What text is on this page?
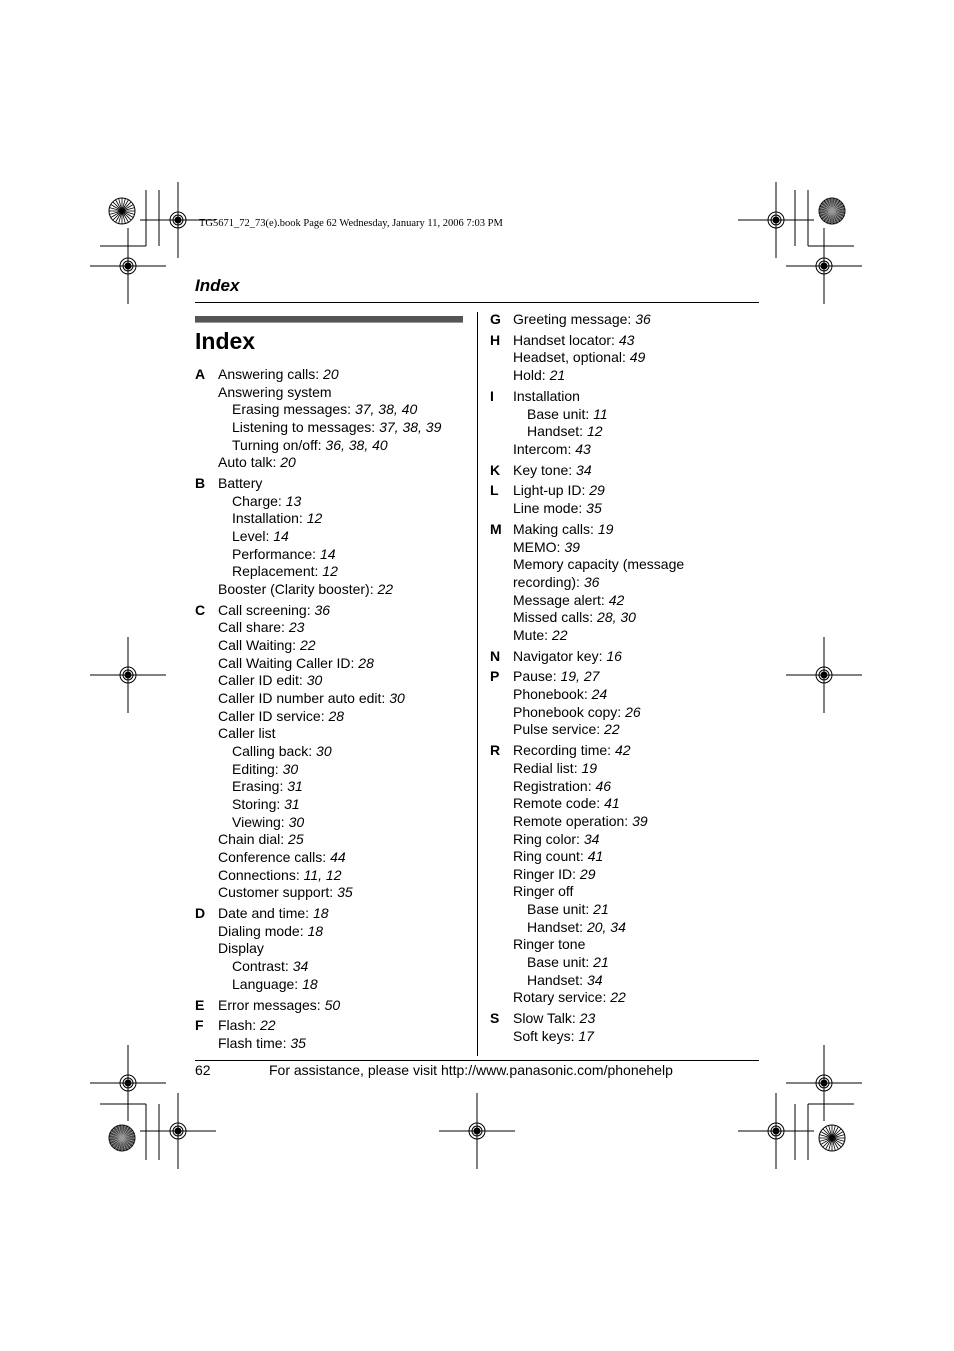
TG5671_72_73(e).book Page 62 Wednesday, January 11, 2006 7:03 PM
Index
Index
A Answering calls: 20
Answering system
Erasing messages: 37, 38, 40
Listening to messages: 37, 38, 39
Turning on/off: 36, 38, 40
Auto talk: 20
B Battery
Charge: 13
Installation: 12
Level: 14
Performance: 14
Replacement: 12
Booster (Clarity booster): 22
C Call screening: 36
Call share: 23
Call Waiting: 22
Call Waiting Caller ID: 28
Caller ID edit: 30
Caller ID number auto edit: 30
Caller ID service: 28
Caller list
Calling back: 30
Editing: 30
Erasing: 31
Storing: 31
Viewing: 30
Chain dial: 25
Conference calls: 44
Connections: 11, 12
Customer support: 35
D Date and time: 18
Dialing mode: 18
Display
Contrast: 34
Language: 18
E Error messages: 50
F Flash: 22
Flash time: 35
G Greeting message: 36
H Handset locator: 43
Headset, optional: 49
Hold: 21
I Installation
Base unit: 11
Handset: 12
Intercom: 43
K Key tone: 34
L Light-up ID: 29
Line mode: 35
M Making calls: 19
MEMO: 39
Memory capacity (message
recording): 36
Message alert: 42
Missed calls: 28, 30
Mute: 22
N Navigator key: 16
P Pause: 19, 27
Phonebook: 24
Phonebook copy: 26
Pulse service: 22
R Recording time: 42
Redial list: 19
Registration: 46
Remote code: 41
Remote operation: 39
Ring color: 34
Ring count: 41
Ringer ID: 29
Ringer off
Base unit: 21
Handset: 20, 34
Ringer tone
Base unit: 21
Handset: 34
Rotary service: 22
S Slow Talk: 23
Soft keys: 17
62	For assistance, please visit http://www.panasonic.com/phonehelp
